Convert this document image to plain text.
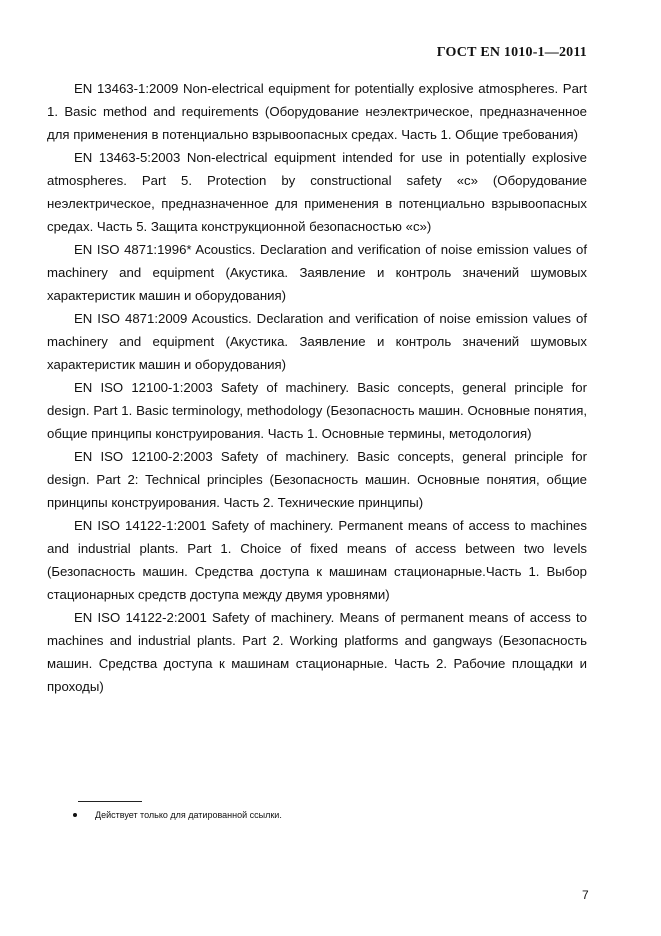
ГОСТ EN 1010-1—2011

EN 13463-1:2009 Non-electrical equipment for potentially explosive atmospheres. Part 1. Basic method and requirements (Оборудование неэлектрическое, предназначенное для применения в потенциально взрывоопасных средах. Часть 1. Общие требования)

EN 13463-5:2003 Non-electrical equipment intended for use in potentially explosive atmospheres. Part 5. Protection by constructional safety «c» (Оборудование неэлектрическое, предназначенное для применения в потенциально взрывоопасных средах. Часть 5. Защита конструкционной безопасностью «c»)

EN ISO 4871:1996* Acoustics. Declaration and verification of noise emission values of machinery and equipment (Акустика. Заявление и контроль значений шумовых характеристик машин и оборудования)

EN ISO 4871:2009 Acoustics. Declaration and verification of noise emission values of machinery and equipment (Акустика. Заявление и контроль значений шумовых характеристик машин и оборудования)

EN ISO 12100-1:2003 Safety of machinery. Basic concepts, general principle for design. Part 1. Basic terminology, methodology (Безопасность машин. Основные понятия, общие принципы конструирования. Часть 1. Основные термины, методология)

EN ISO 12100-2:2003 Safety of machinery. Basic concepts, general principle for design. Part 2: Technical principles (Безопасность машин. Основные понятия, общие принципы конструирования. Часть 2. Технические принципы)

EN ISO 14122-1:2001 Safety of machinery. Permanent means of access to machines and industrial plants. Part 1. Choice of fixed means of access between two levels (Безопасность машин. Средства доступа к машинам стационарные.Часть 1. Выбор стационарных средств доступа между двумя уровнями)

EN ISO 14122-2:2001 Safety of machinery. Means of permanent means of access to machines and industrial plants. Part 2. Working platforms and gangways (Безопасность машин. Средства доступа к машинам стационарные. Часть 2. Рабочие площадки и проходы)

Действует только для датированной ссылки.
7
